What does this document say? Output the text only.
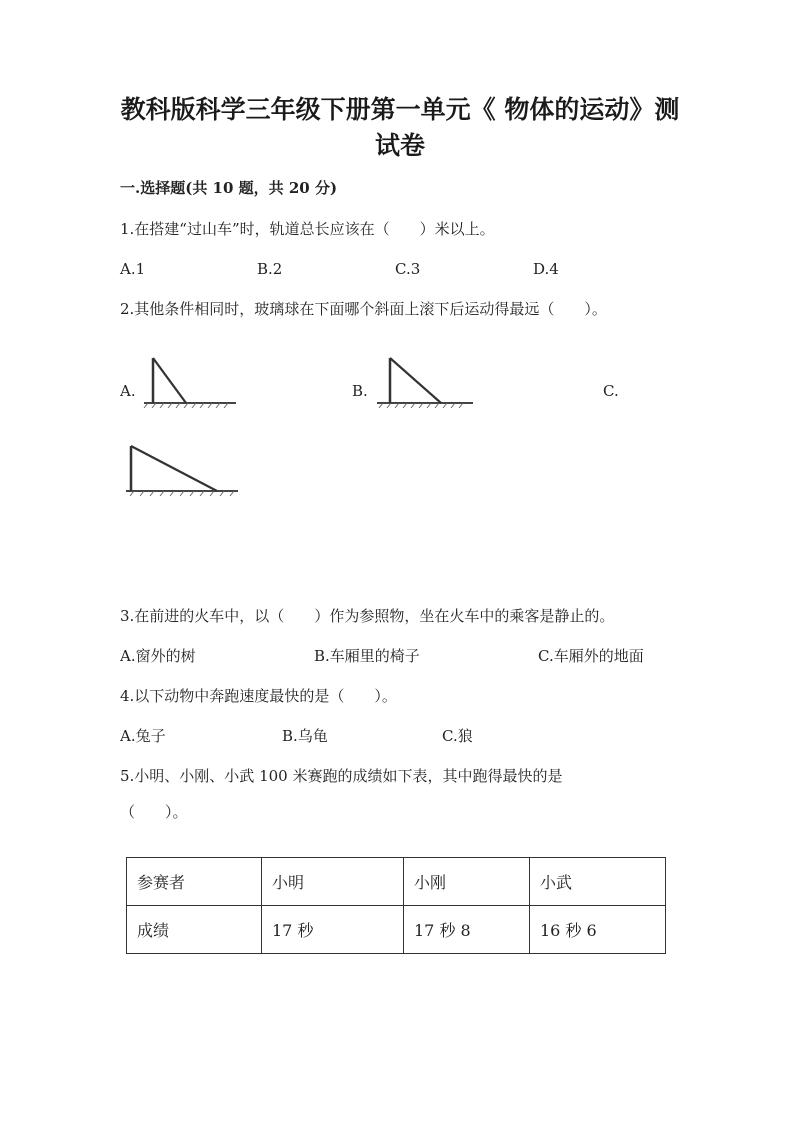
教科版科学三年级下册第一单元《 物体的运动》测
试卷
一.选择题(共 10 题，共 20 分)
1.在搭建“过山车”时，轨道总长应该在（　　）米以上。
A.1	B.2	C.3	D.4
2.其他条件相同时，玻璃球在下面哪个斜面上滚下后运动得最远（　　）。
A.	B.	C.
3.在前进的火车中，以（　　）作为参照物，坐在火车中的乘客是静止的。
A.窗外的树	B.车厢里的椅子	C.车厢外的地面
4.以下动物中奔跑速度最快的是（　　）。
A.兔子	B.乌龟	C.狼
5.小明、小刚、小武 100 米赛跑的成绩如下表，其中跑得最快的是
（　　）。
参赛者	小明	小刚	小武
成绩	17 秒	17 秒 8	16 秒 6
